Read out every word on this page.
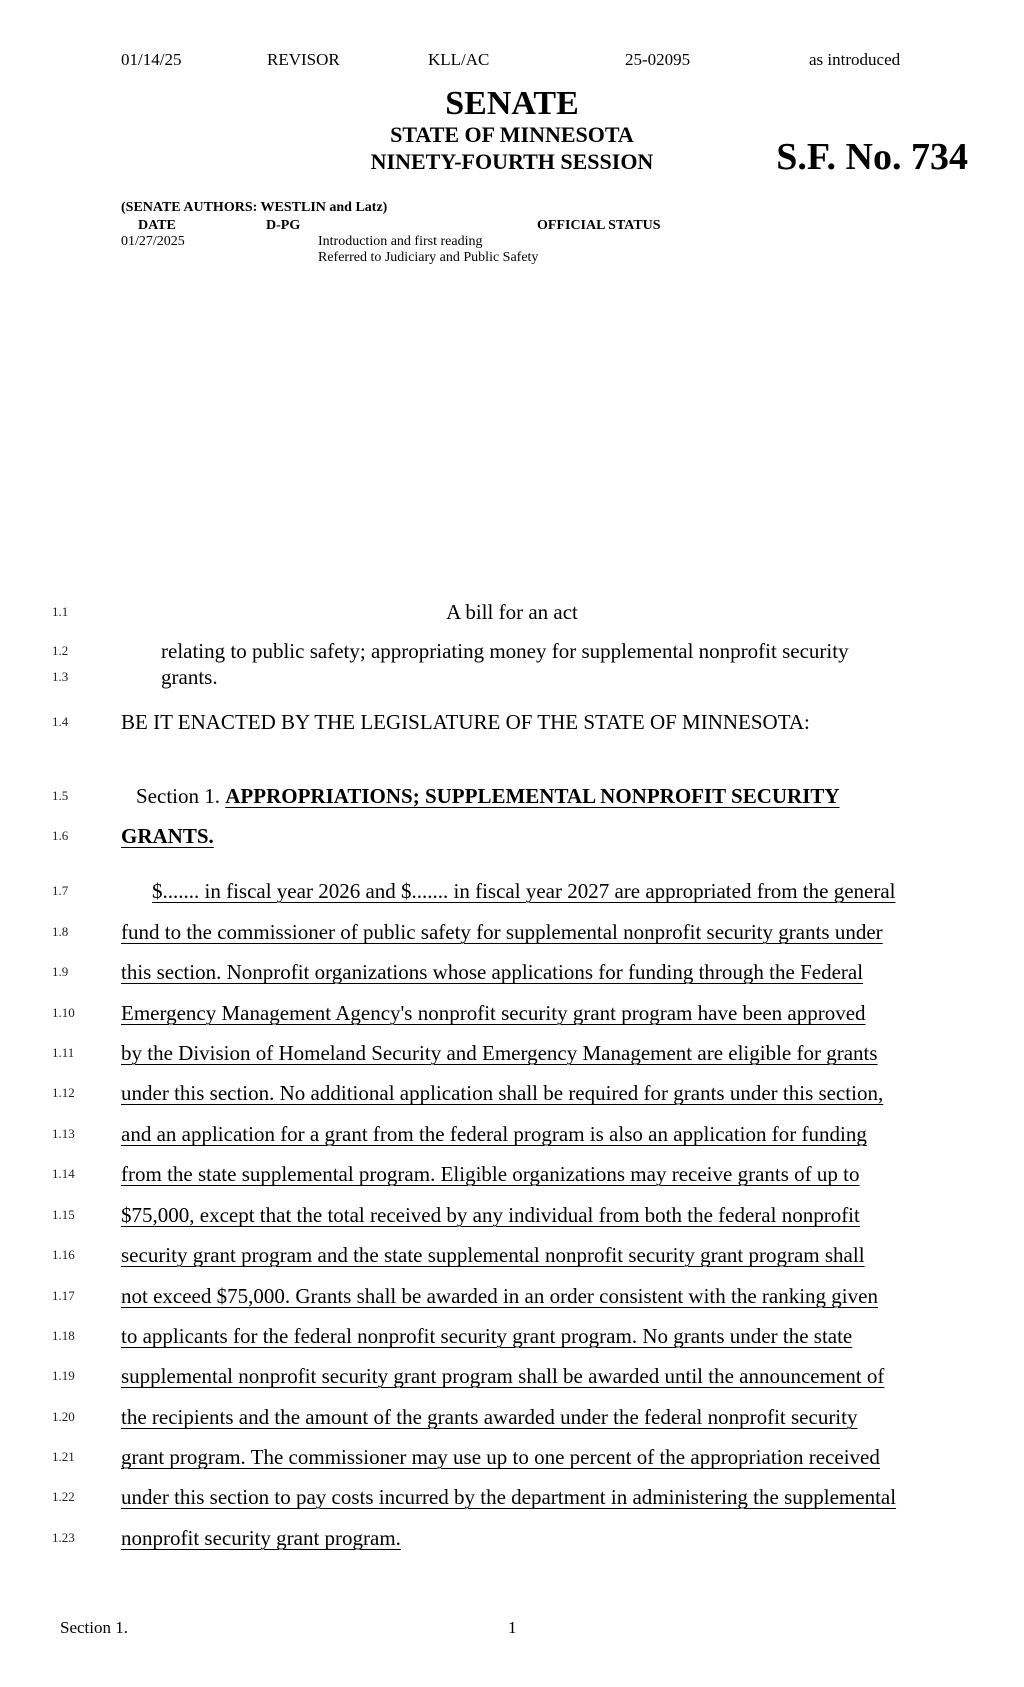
01/14/25	REVISOR	KLL/AC	25-02095	as introduced
SENATE
STATE OF MINNESOTA
NINETY-FOURTH SESSION	S.F. No. 734
(SENATE AUTHORS: WESTLIN and Latz)
DATE	D-PG	OFFICIAL STATUS
01/27/2025	Introduction and first reading
Referred to Judiciary and Public Safety
1.1	A bill for an act
1.2	relating to public safety; appropriating money for supplemental nonprofit security
1.3	grants.
1.4	BE IT ENACTED BY THE LEGISLATURE OF THE STATE OF MINNESOTA:
1.5	Section 1. APPROPRIATIONS; SUPPLEMENTAL NONPROFIT SECURITY
1.6	GRANTS.
1.7	$....... in fiscal year 2026 and $....... in fiscal year 2027 are appropriated from the general
1.8	fund to the commissioner of public safety for supplemental nonprofit security grants under
1.9	this section. Nonprofit organizations whose applications for funding through the Federal
1.10	Emergency Management Agency's nonprofit security grant program have been approved
1.11	by the Division of Homeland Security and Emergency Management are eligible for grants
1.12	under this section. No additional application shall be required for grants under this section,
1.13	and an application for a grant from the federal program is also an application for funding
1.14	from the state supplemental program. Eligible organizations may receive grants of up to
1.15	$75,000, except that the total received by any individual from both the federal nonprofit
1.16	security grant program and the state supplemental nonprofit security grant program shall
1.17	not exceed $75,000. Grants shall be awarded in an order consistent with the ranking given
1.18	to applicants for the federal nonprofit security grant program. No grants under the state
1.19	supplemental nonprofit security grant program shall be awarded until the announcement of
1.20	the recipients and the amount of the grants awarded under the federal nonprofit security
1.21	grant program. The commissioner may use up to one percent of the appropriation received
1.22	under this section to pay costs incurred by the department in administering the supplemental
1.23	nonprofit security grant program.
Section 1.	1
